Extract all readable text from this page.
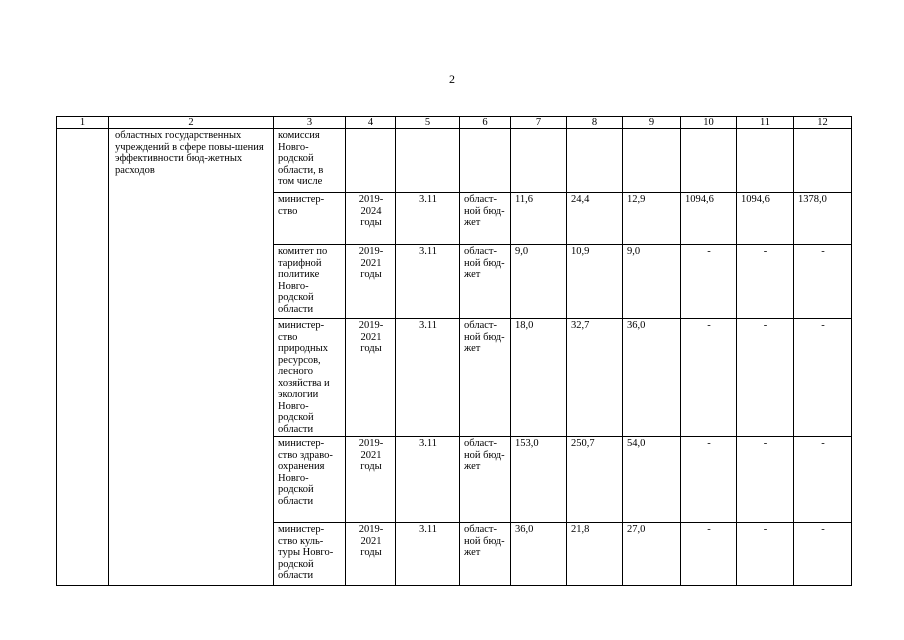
2
1	2	3	4	5	6	7	8	9	10	11	12
	областных государственных учреждений в сфере повы-шения эффективности бюд-жетных расходов	комиссия Новго-родской области, в том числе									
		министер-ство	2019-2024 годы	3.11	област-ной бюд-жет	11,6	24,4	12,9	1094,6	1094,6	1378,0
		комитет по тарифной политике Новго-родской области	2019-2021 годы	3.11	област-ной бюд-жет	9,0	10,9	9,0	-	-	-
		министер-ство природных ресурсов, лесного хозяйства и экологии Новго-родской области	2019-2021 годы	3.11	област-ной бюд-жет	18,0	32,7	36,0	-	-	-
		министер-ство здраво-охранения Новго-родской области	2019-2021 годы	3.11	област-ной бюд-жет	153,0	250,7	54,0	-	-	-
		министер-ство куль-туры Новго-родской области	2019-2021 годы	3.11	област-ной бюд-жет	36,0	21,8	27,0	-	-	-
